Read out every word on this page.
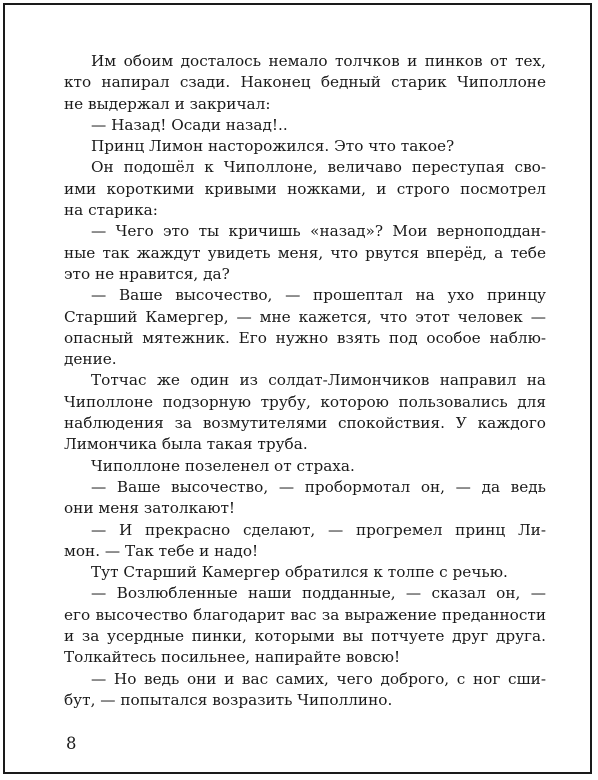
Им обоим досталось немало толчков и пинков от тех,
кто напирал сзади. Наконец бедный старик Чиполлоне
не выдержал и закричал:

— Назад! Осади назад!..

Принц Лимон насторожился. Это что такое?

Он подошёл к Чиполлоне, величаво переступая сво-
ими короткими кривыми ножками, и строго посмотрел
на старика:

— Чего это ты кричишь «назад»? Мои верноподдан-
ные так жаждут увидеть меня, что рвутся вперёд, а тебе
это не нравится, да?

— Ваше высочество, — прошептал на ухо принцу
Старший Камергер, — мне кажется, что этот человек —
опасный мятежник. Его нужно взять под особое наблю-
дение.

Тотчас же один из солдат-Лимончиков направил на
Чиполлоне подзорную трубу, которою пользовались для
наблюдения за возмутителями спокойствия. У каждого
Лимончика была такая труба.

Чиполлоне позеленел от страха.

— Ваше высочество, — пробормотал он, — да ведь
они меня затолкают!

— И прекрасно сделают, — прогремел принц Ли-
мон. — Так тебе и надо!

Тут Старший Камергер обратился к толпе с речью.

— Возлюбленные наши подданные, — сказал он, —
его высочество благодарит вас за выражение преданности
и за усердные пинки, которыми вы потчуете друг друга.
Толкайтесь посильнее, напирайте вовсю!

— Но ведь они и вас самих, чего доброго, с ног сши-
бут, — попытался возразить Чиполлино.

8
